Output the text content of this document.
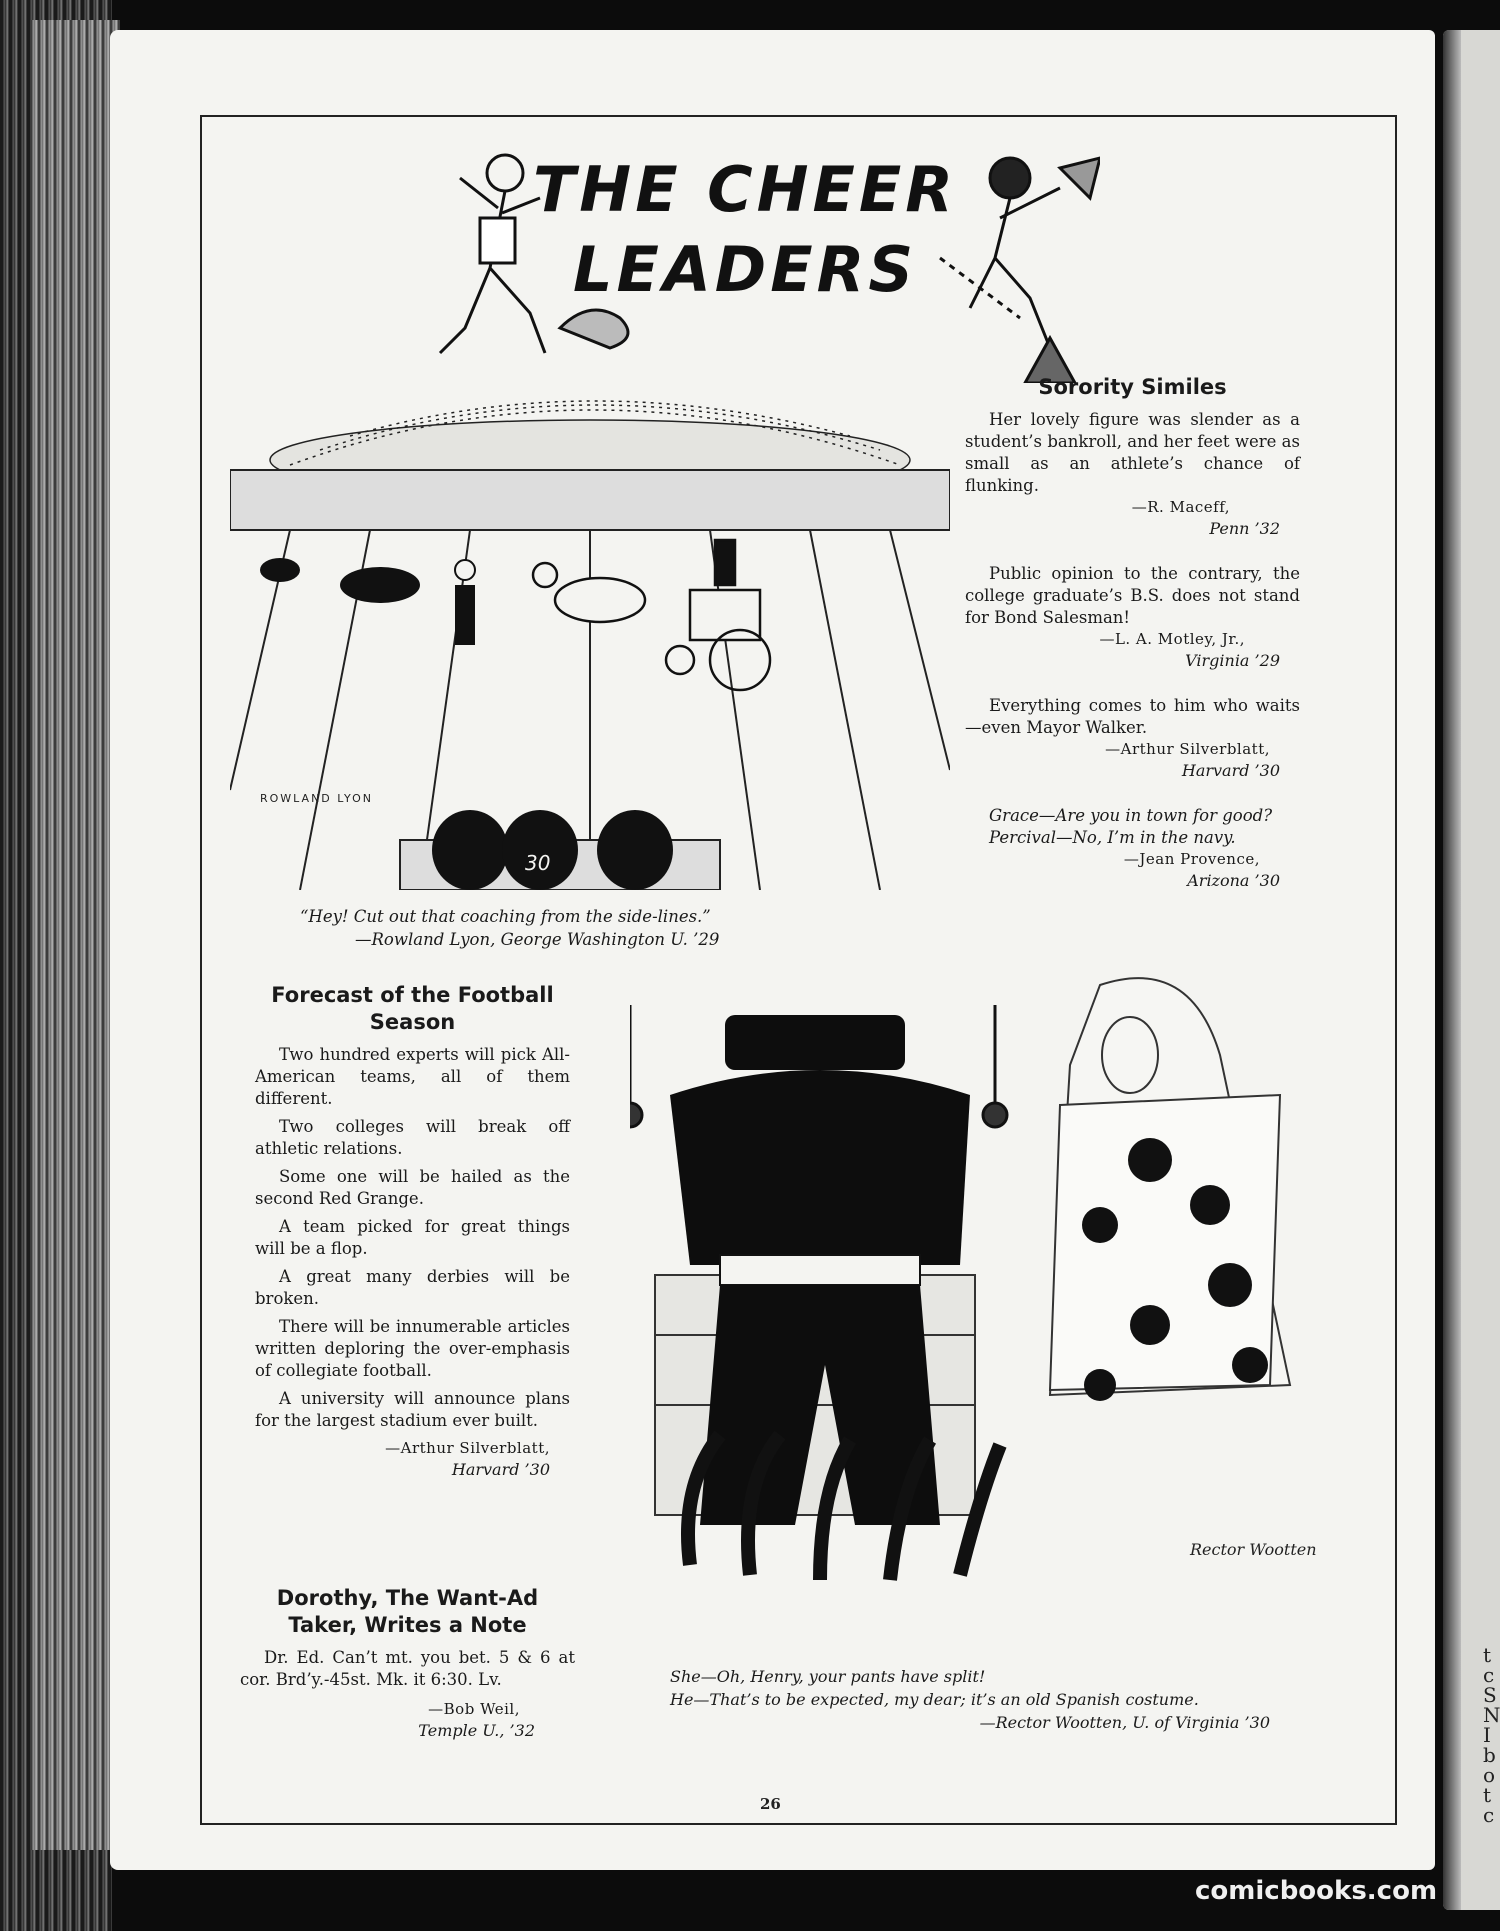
t
c
S
N
I
b
o
t
c
THE CHEER LEADERS
30
ROWLAND LYON
“Hey! Cut out that coaching from the side-lines.”
—Rowland Lyon, George Washington U. ’29
Sorority Similes

Her lovely figure was slender as a student’s bankroll, and her feet were as small as an athlete’s chance of flunking.

—R. Maceff,

Penn ’32

Public opinion to the contrary, the college graduate’s B.S. does not stand for Bond Salesman!

—L. A. Motley, Jr.,

Virginia ’29

Everything comes to him who waits—even Mayor Walker.

—Arthur Silverblatt,

Harvard ’30

Grace—Are you in town for good?

Percival—No, I’m in the navy.

—Jean Provence,

Arizona ’30

Forecast of the Football Season

Two hundred experts will pick All-American teams, all of them different.

Two colleges will break off athletic relations.

Some one will be hailed as the second Red Grange.

A team picked for great things will be a flop.

A great many derbies will be broken.

There will be innumerable articles written deploring the over-emphasis of collegiate football.

A university will announce plans for the largest stadium ever built.

—Arthur Silverblatt,

Harvard ’30

Dorothy, The Want-Ad Taker, Writes a Note

Dr. Ed. Can’t mt. you bet. 5 & 6 at cor. Brd’y.-45st. Mk. it 6:30. Lv.

—Bob Weil,

Temple U., ’32

Rector Wootten
She—Oh, Henry, your pants have split!
He—That’s to be expected, my dear; it’s an old Spanish costume.
—Rector Wootten, U. of Virginia ’30
26
comicbooks.com
